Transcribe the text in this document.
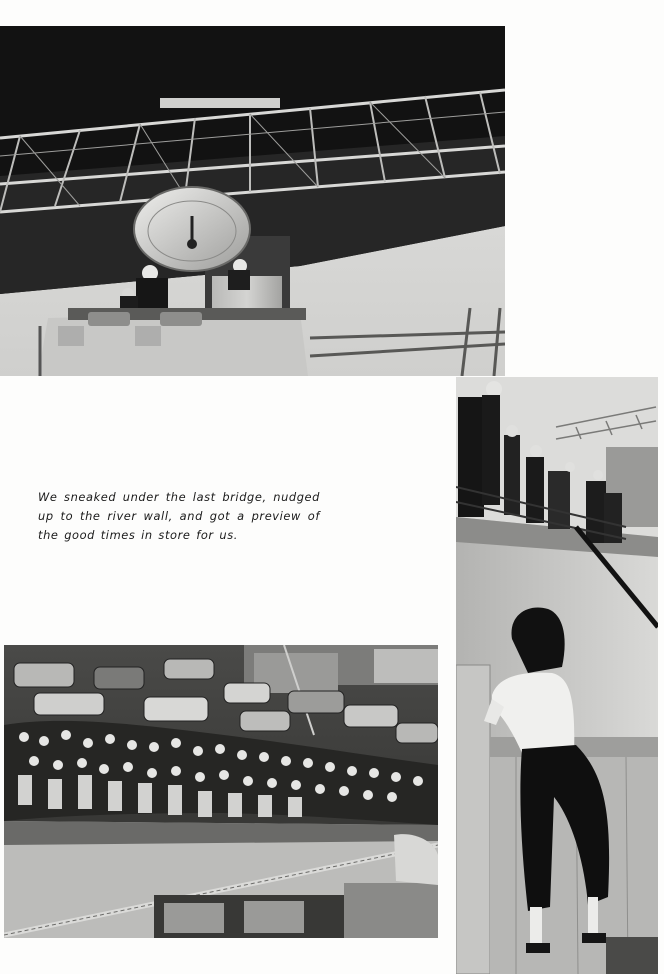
We sneaked under the last bridge, nudged up to the river wall, and got a preview of the good times in store for us.
